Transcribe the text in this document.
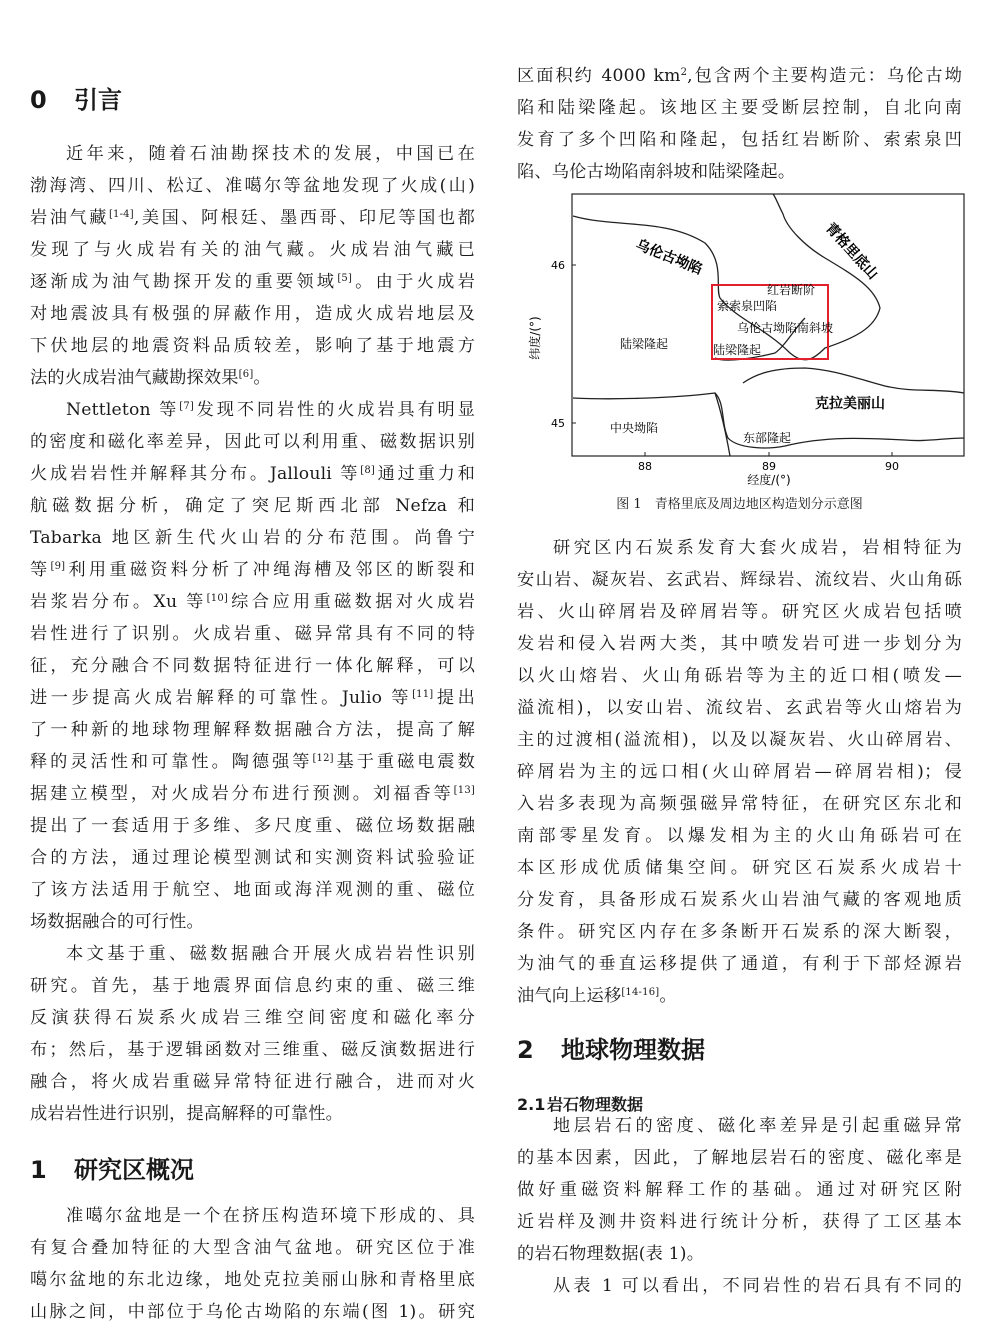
0 引言
近年来，随着石油勘探技术的发展，中国已在
渤海湾、四川、松辽、准噶尔等盆地发现了火成(山)
岩油气藏[1-4],美国、阿根廷、墨西哥、印尼等国也都
发现了与火成岩有关的油气藏。火成岩油气藏已
逐渐成为油气勘探开发的重要领域[5]。由于火成岩
对地震波具有极强的屏蔽作用，造成火成岩地层及
下伏地层的地震资料品质较差，影响了基于地震方
法的火成岩油气藏勘探效果[6]。
Nettleton 等[7]发现不同岩性的火成岩具有明显
的密度和磁化率差异，因此可以利用重、磁数据识别
火成岩岩性并解释其分布。Jallouli 等[8]通过重力和
航磁数据分析，确定了突尼斯西北部 Nefza 和
Tabarka 地区新生代火山岩的分布范围。尚鲁宁
等[9]利用重磁资料分析了冲绳海槽及邻区的断裂和
岩浆岩分布。Xu 等[10]综合应用重磁数据对火成岩
岩性进行了识别。火成岩重、磁异常具有不同的特
征，充分融合不同数据特征进行一体化解释，可以
进一步提高火成岩解释的可靠性。Julio 等[11]提出
了一种新的地球物理解释数据融合方法，提高了解
释的灵活性和可靠性。陶德强等[12]基于重磁电震数
据建立模型，对火成岩分布进行预测。刘福香等[13]
提出了一套适用于多维、多尺度重、磁位场数据融
合的方法，通过理论模型测试和实测资料试验验证
了该方法适用于航空、地面或海洋观测的重、磁位
场数据融合的可行性。
本文基于重、磁数据融合开展火成岩岩性识别
研究。首先，基于地震界面信息约束的重、磁三维
反演获得石炭系火成岩三维空间密度和磁化率分
布；然后，基于逻辑函数对三维重、磁反演数据进行
融合，将火成岩重磁异常特征进行融合，进而对火
成岩岩性进行识别，提高解释的可靠性。
1 研究区概况
准噶尔盆地是一个在挤压构造环境下形成的、具
有复合叠加特征的大型含油气盆地。研究区位于准
噶尔盆地的东北边缘，地处克拉美丽山脉和青格里底
山脉之间，中部位于乌伦古坳陷的东端(图 1)。研究
区面积约 4000 $km^2$,包含两个主要构造元：乌伦古坳
陷和陆梁隆起。该地区主要受断层控制，自北向南
发育了多个凹陷和隆起，包括红岩断阶、索索泉凹
陷、乌伦古坳陷南斜坡和陆梁隆起。
研究区内石炭系发育大套火成岩，岩相特征为
安山岩、凝灰岩、玄武岩、辉绿岩、流纹岩、火山角砾
岩、火山碎屑岩及碎屑岩等。研究区火成岩包括喷
发岩和侵入岩两大类，其中喷发岩可进一步划分为
以火山熔岩、火山角砾岩等为主的近口相(喷发—
溢流相)，以安山岩、流纹岩、玄武岩等火山熔岩为
主的过渡相(溢流相)，以及以凝灰岩、火山碎屑岩、
碎屑岩为主的远口相(火山碎屑岩—碎屑岩相)；侵
入岩多表现为高频强磁异常特征，在研究区东北和
南部零星发育。以爆发相为主的火山角砾岩可在
本区形成优质储集空间。研究区石炭系火成岩十
分发育，具备形成石炭系火山岩油气藏的客观地质
条件。研究区内存在多条断开石炭系的深大断裂，
为油气的垂直运移提供了通道，有利于下部烃源岩
油气向上运移[14-16]。
2 地球物理数据
2.1 岩石物理数据
地层岩石的密度、磁化率差异是引起重磁异常
的基本因素，因此，了解地层岩石的密度、磁化率是
做好重磁资料解释工作的基础。通过对研究区附
近岩样及测井资料进行统计分析，获得了工区基本
的岩石物理数据(表 1)。
从表 1 可以看出，不同岩性的岩石具有不同的
乌伦古坳陷	青格里底山
红岩断阶
索索泉凹陷
乌伦古坳陷南斜坡
陆梁隆起
陆梁隆起
克拉美丽山
中央坳陷
东部隆起
46
45
88	89	90
经度/(°)
纬度/(°)
图 1　青格里底及周边地区构造划分示意图
